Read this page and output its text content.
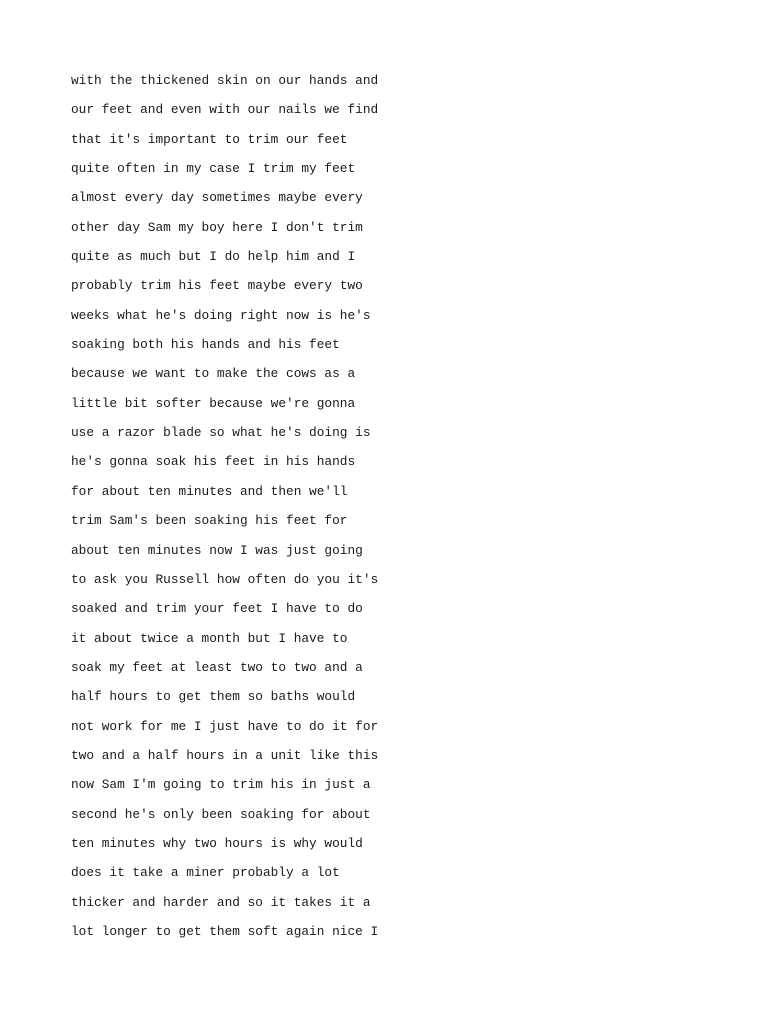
with the thickened skin on our hands and
our feet and even with our nails we find
that it's important to trim our feet
quite often in my case I trim my feet
almost every day sometimes maybe every
other day Sam my boy here I don't trim
quite as much but I do help him and I
probably trim his feet maybe every two
weeks what he's doing right now is he's
soaking both his hands and his feet
because we want to make the cows as a
little bit softer because we're gonna
use a razor blade so what he's doing is
he's gonna soak his feet in his hands
for about ten minutes and then we'll
trim Sam's been soaking his feet for
about ten minutes now I was just going
to ask you Russell how often do you it's
soaked and trim your feet I have to do
it about twice a month but I have to
soak my feet at least two to two and a
half hours to get them so baths would
not work for me I just have to do it for
two and a half hours in a unit like this
now Sam I'm going to trim his in just a
second he's only been soaking for about
ten minutes why two hours is why would
does it take a miner probably a lot
thicker and harder and so it takes it a
lot longer to get them soft again nice I
